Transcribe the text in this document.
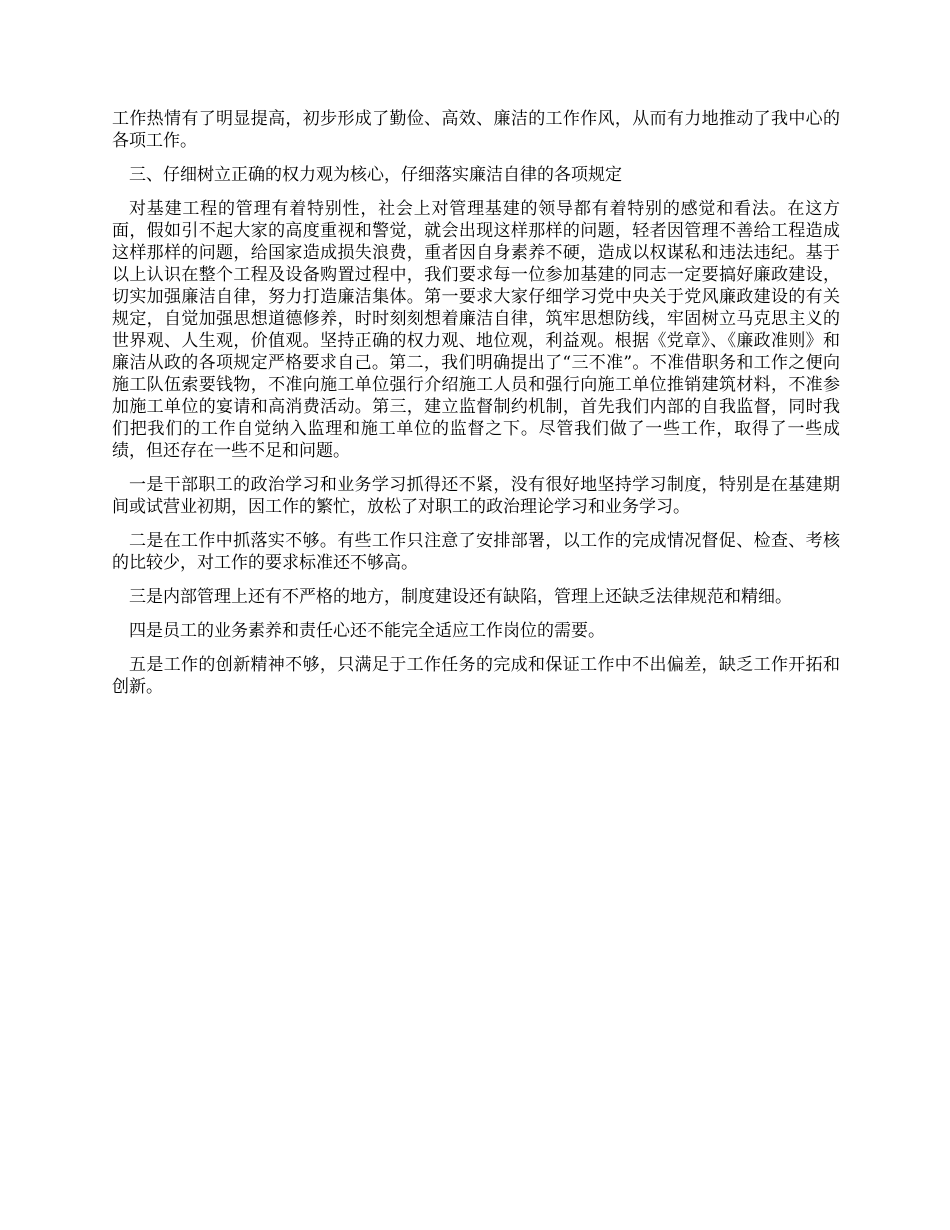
工作热情有了明显提高，初步形成了勤俭、高效、廉洁的工作作风，从而有力地推动了我中心的各项工作。

三、仔细树立正确的权力观为核心，仔细落实廉洁自律的各项规定

对基建工程的管理有着特别性，社会上对管理基建的领导都有着特别的感觉和看法。在这方面，假如引不起大家的高度重视和警觉，就会出现这样那样的问题，轻者因管理不善给工程造成这样那样的问题，给国家造成损失浪费，重者因自身素养不硬，造成以权谋私和违法违纪。基于以上认识在整个工程及设备购置过程中，我们要求每一位参加基建的同志一定要搞好廉政建设，切实加强廉洁自律，努力打造廉洁集体。第一要求大家仔细学习党中央关于党风廉政建设的有关规定，自觉加强思想道德修养，时时刻刻想着廉洁自律，筑牢思想防线，牢固树立马克思主义的世界观、人生观，价值观。坚持正确的权力观、地位观，利益观。根据《党章》、《廉政准则》和廉洁从政的各项规定严格要求自己。第二，我们明确提出了“三不准”。不准借职务和工作之便向施工队伍索要钱物，不准向施工单位强行介绍施工人员和强行向施工单位推销建筑材料，不准参加施工单位的宴请和高消费活动。第三，建立监督制约机制，首先我们内部的自我监督，同时我们把我们的工作自觉纳入监理和施工单位的监督之下。尽管我们做了一些工作，取得了一些成绩，但还存在一些不足和问题。

一是干部职工的政治学习和业务学习抓得还不紧，没有很好地坚持学习制度，特别是在基建期间或试营业初期，因工作的繁忙，放松了对职工的政治理论学习和业务学习。

二是在工作中抓落实不够。有些工作只注意了安排部署，以工作的完成情况督促、检查、考核的比较少，对工作的要求标准还不够高。

三是内部管理上还有不严格的地方，制度建设还有缺陷，管理上还缺乏法律规范和精细。

四是员工的业务素养和责任心还不能完全适应工作岗位的需要。

五是工作的创新精神不够，只满足于工作任务的完成和保证工作中不出偏差，缺乏工作开拓和创新。
